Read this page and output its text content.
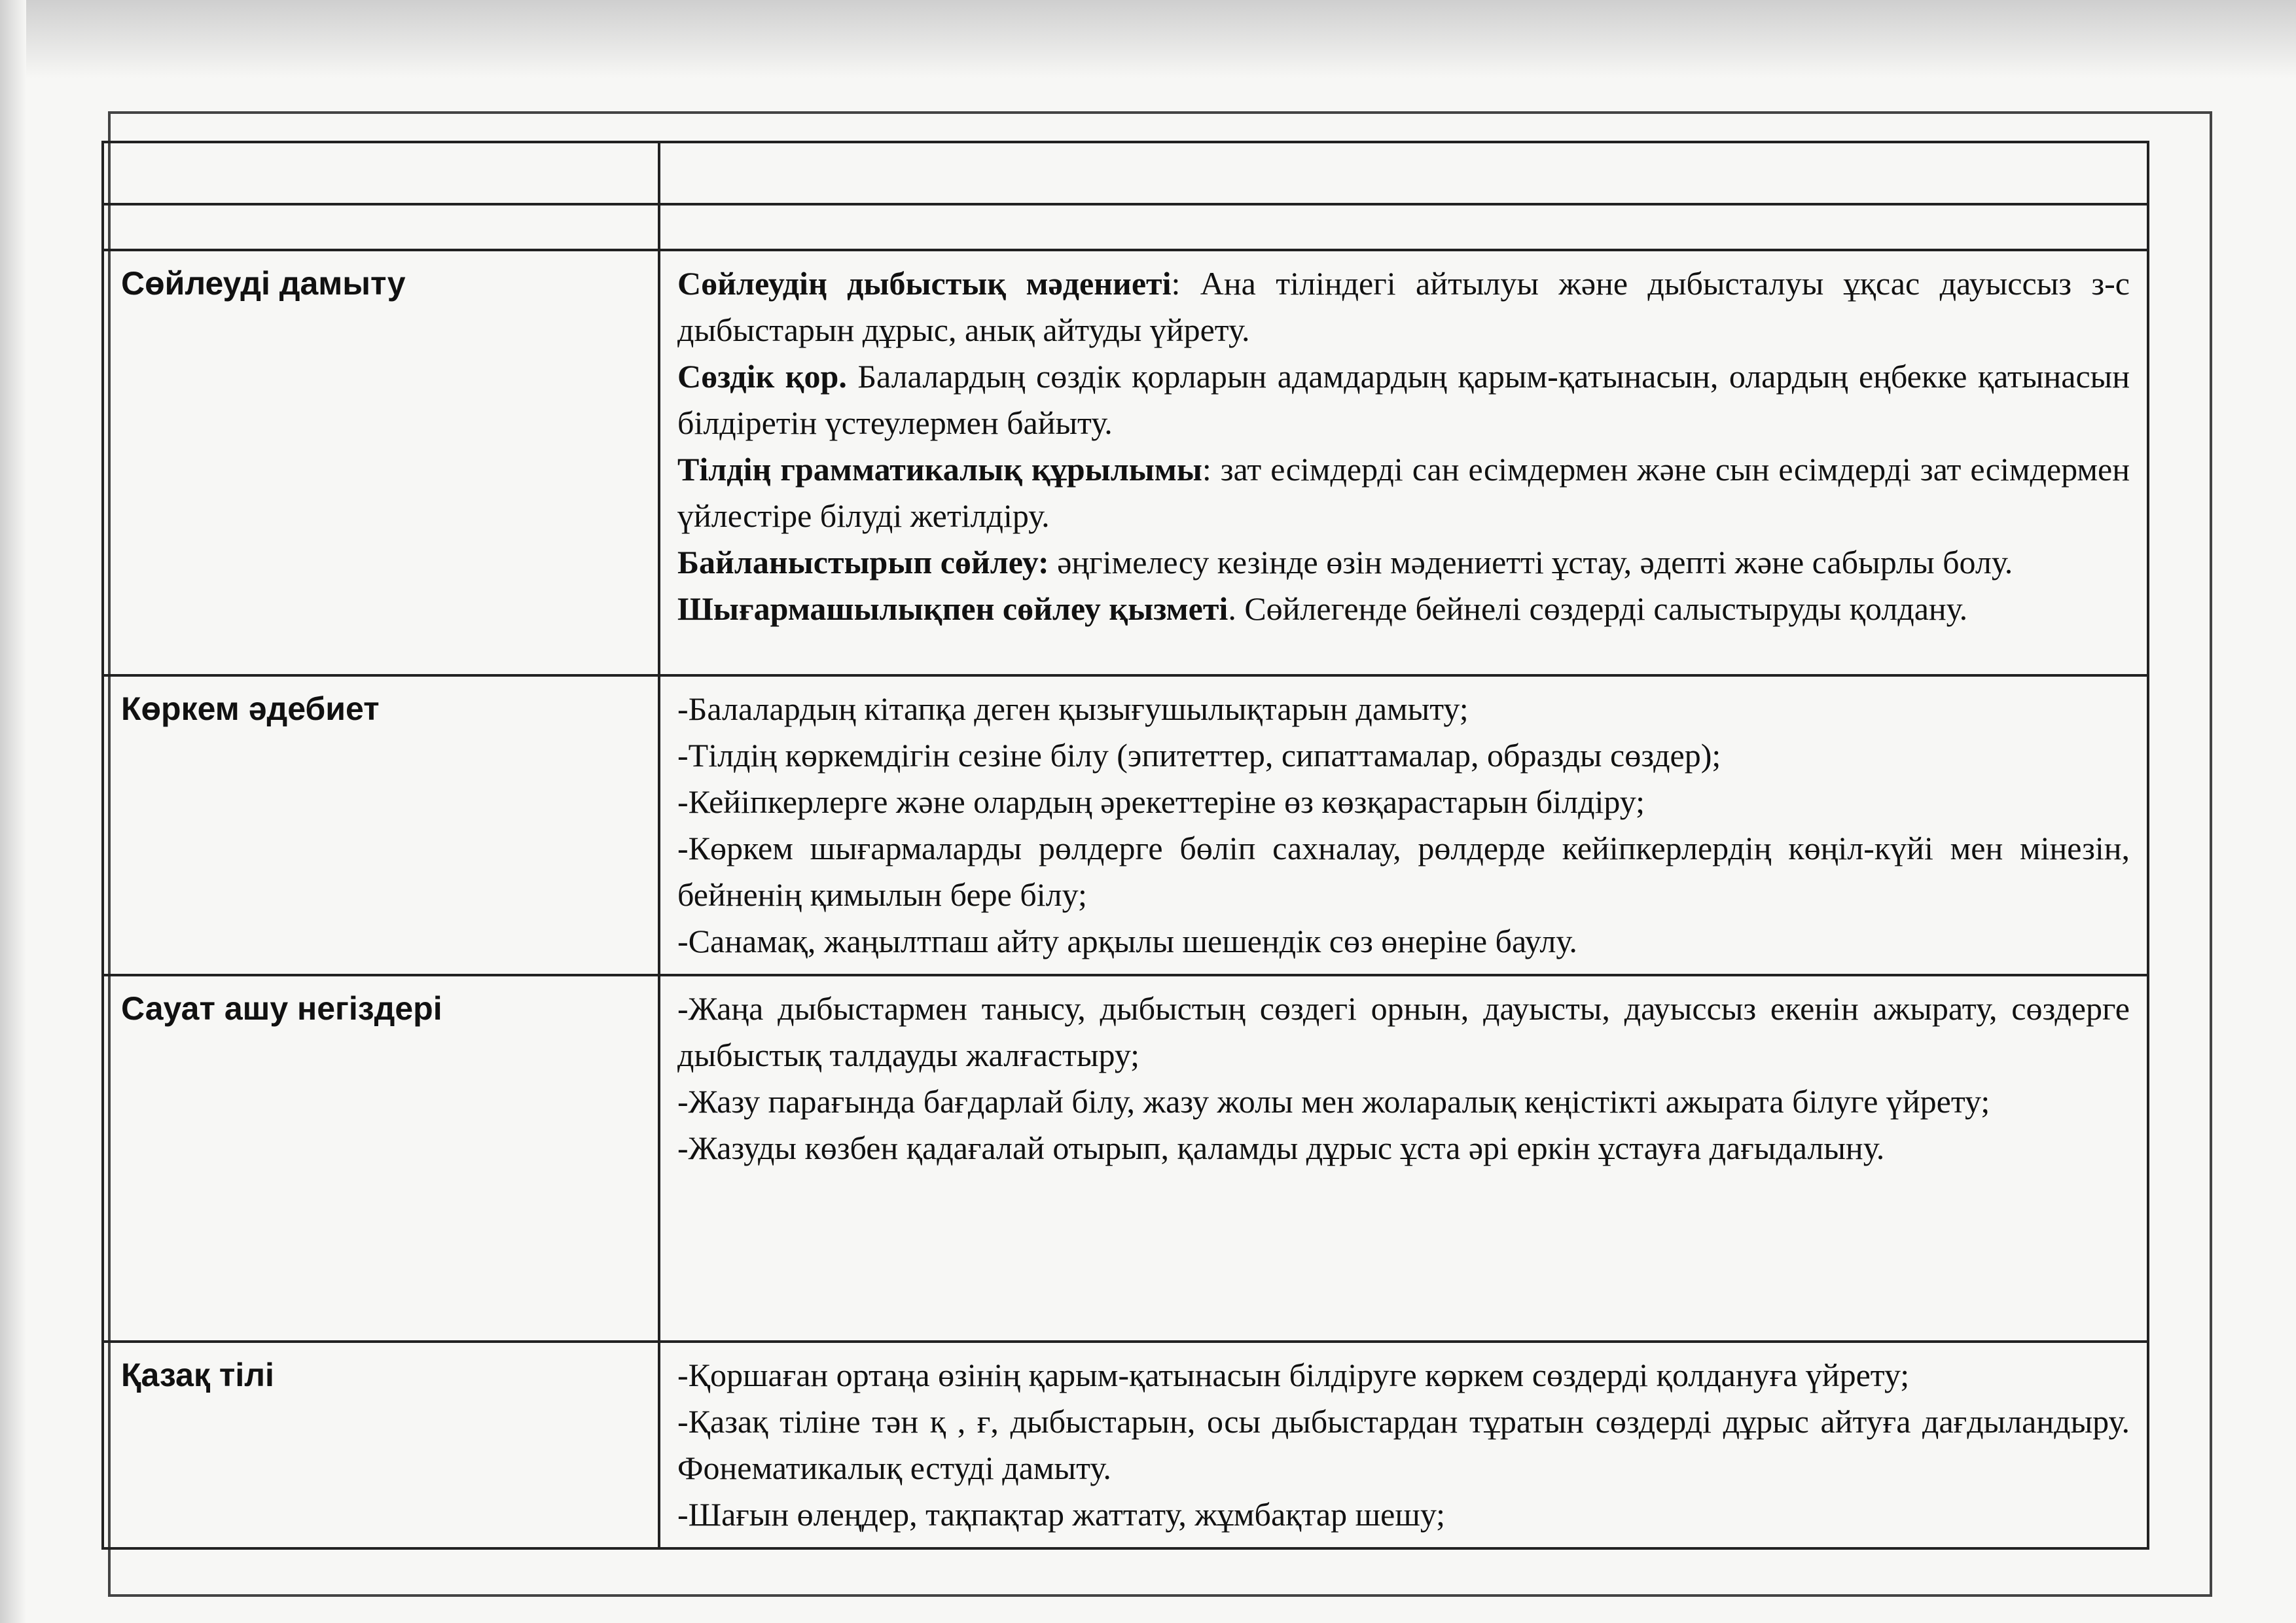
Сөйлеуді дамыту	Сөйлеудің дыбыстық мәдениеті: Ана тіліндегі айтылуы және дыбысталуы ұқсас дауыссыз з-с дыбыстарын дұрыс, анық айтуды үйрету.
Сөздік қор. Балалардың сөздік қорларын адамдардың қарым-қатынасын, олардың еңбекке қатынасын білдіретін үстеулермен байыту.
Тілдің грамматикалық құрылымы: зат есімдерді сан есімдермен және сын есімдерді зат есімдермен үйлестіре білуді жетілдіру.
Байланыстырып сөйлеу: әңгімелесу кезінде өзін мәдениетті ұстау, әдепті және сабырлы болу.
Шығармашылықпен сөйлеу қызметі. Сөйлегенде бейнелі сөздерді салыстыруды қолдану.

Көркем әдебиет	-Балалардың кітапқа деген қызығушылықтарын дамыту;
-Тілдің көркемдігін сезіне білу (эпитеттер, сипаттамалар, образды сөздер);
-Кейіпкерлерге және олардың әрекеттеріне өз көзқарастарын білдіру;
-Көркем шығармаларды рөлдерге бөліп сахналау, рөлдерде кейіпкерлердің көңіл-күйі мен мінезін, бейненің қимылын бере білу;
-Санамақ, жаңылтпаш айту арқылы шешендік сөз өнеріне баулу.

Сауат ашу негіздері	-Жаңа дыбыстармен танысу, дыбыстың сөздегі орнын, дауысты, дауыссыз екенін ажырату, сөздерге дыбыстық талдауды жалғастыру;
-Жазу парағында бағдарлай білу, жазу жолы мен жоларалық кеңістікті ажырата білуге үйрету;
-Жазуды көзбен қадағалай отырып, қаламды дұрыс ұста әрі еркін ұстауға дағыдалыну.

Қазақ тілі	-Қоршаған ортаңа өзінің қарым-қатынасын білдіруге көркем сөздерді қолдануға үйрету;
-Қазақ тіліне тән қ , ғ, дыбыстарын, осы дыбыстардан тұратын сөздерді дұрыс айтуға дағдыландыру. Фонематикалық естуді дамыту.
-Шағын өлеңдер, тақпақтар жаттату, жұмбақтар шешу;
